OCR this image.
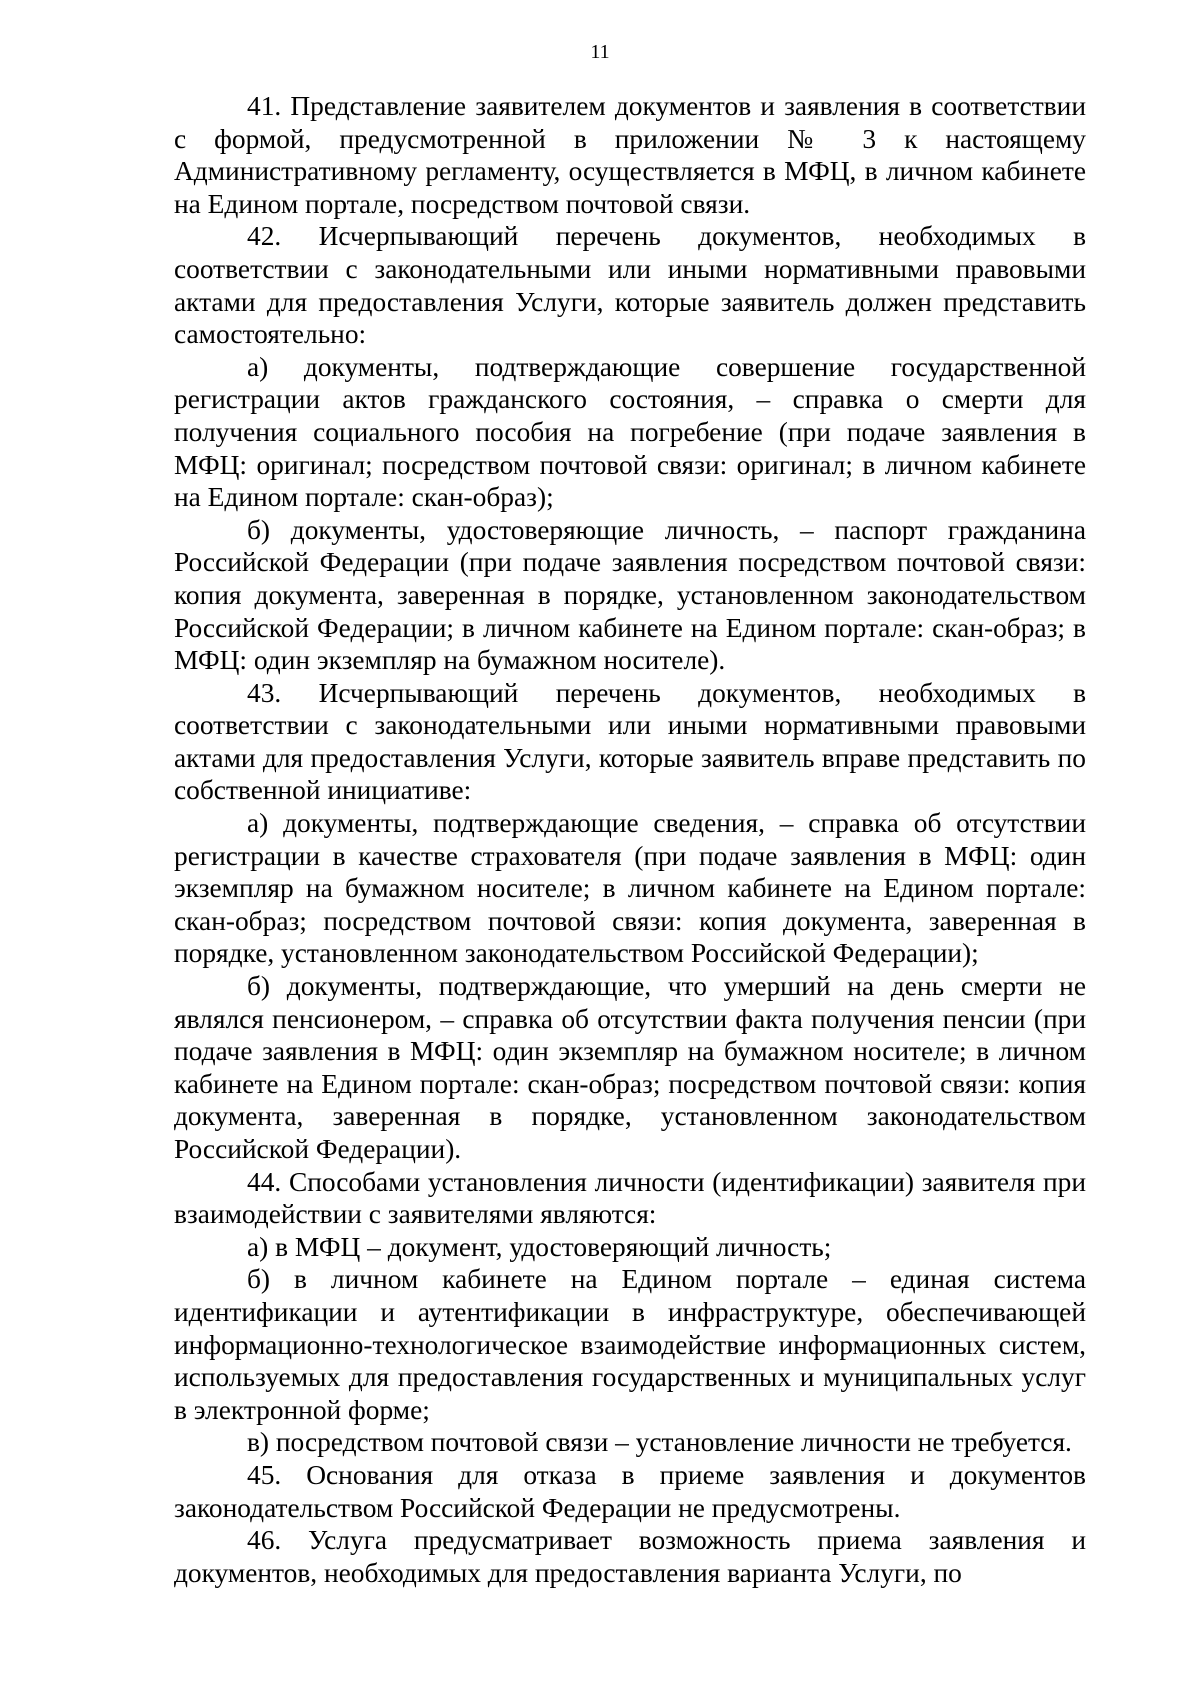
11

41. Представление заявителем документов и заявления в соответствии с формой, предусмотренной в приложении № 3 к настоящему Административному регламенту, осуществляется в МФЦ, в личном кабинете на Едином портале, посредством почтовой связи.

42. Исчерпывающий перечень документов, необходимых в соответствии с законодательными или иными нормативными правовыми актами для предоставления Услуги, которые заявитель должен представить самостоятельно:

а) документы, подтверждающие совершение государственной регистрации актов гражданского состояния, – справка о смерти для получения социального пособия на погребение (при подаче заявления в МФЦ: оригинал; посредством почтовой связи: оригинал; в личном кабинете на Едином портале: скан-образ);

б) документы, удостоверяющие личность, – паспорт гражданина Российской Федерации (при подаче заявления посредством почтовой связи: копия документа, заверенная в порядке, установленном законодательством Российской Федерации; в личном кабинете на Едином портале: скан-образ; в МФЦ: один экземпляр на бумажном носителе).

43. Исчерпывающий перечень документов, необходимых в соответствии с законодательными или иными нормативными правовыми актами для предоставления Услуги, которые заявитель вправе представить по собственной инициативе:

а) документы, подтверждающие сведения, – справка об отсутствии регистрации в качестве страхователя (при подаче заявления в МФЦ: один экземпляр на бумажном носителе; в личном кабинете на Едином портале: скан-образ; посредством почтовой связи: копия документа, заверенная в порядке, установленном законодательством Российской Федерации);

б) документы, подтверждающие, что умерший на день смерти не являлся пенсионером, – справка об отсутствии факта получения пенсии (при подаче заявления в МФЦ: один экземпляр на бумажном носителе; в личном кабинете на Едином портале: скан-образ; посредством почтовой связи: копия документа, заверенная в порядке, установленном законодательством Российской Федерации).

44. Способами установления личности (идентификации) заявителя при взаимодействии с заявителями являются:

а) в МФЦ – документ, удостоверяющий личность;

б) в личном кабинете на Едином портале – единая система идентификации и аутентификации в инфраструктуре, обеспечивающей информационно-технологическое взаимодействие информационных систем, используемых для предоставления государственных и муниципальных услуг в электронной форме;

в) посредством почтовой связи – установление личности не требуется.

45. Основания для отказа в приеме заявления и документов законодательством Российской Федерации не предусмотрены.

46. Услуга предусматривает возможность приема заявления и документов, необходимых для предоставления варианта Услуги, по
